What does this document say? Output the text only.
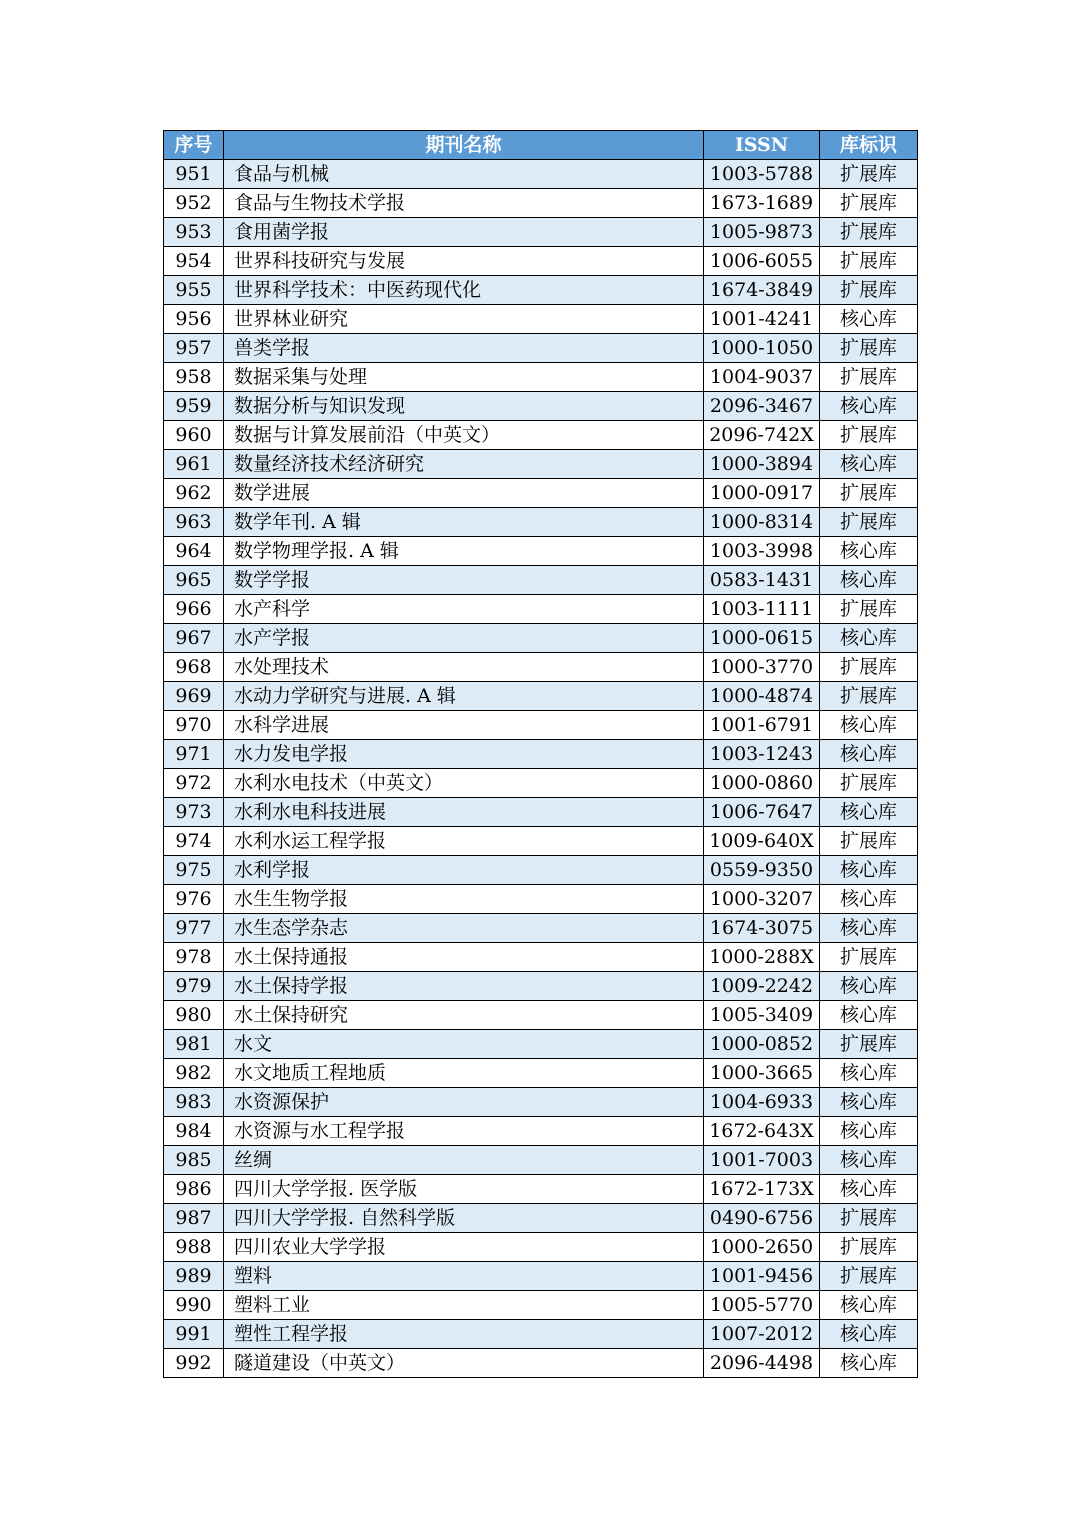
序号	期刊名称	ISSN	库标识
951	食品与机械	1003-5788	扩展库
952	食品与生物技术学报	1673-1689	扩展库
953	食用菌学报	1005-9873	扩展库
954	世界科技研究与发展	1006-6055	扩展库
955	世界科学技术：中医药现代化	1674-3849	扩展库
956	世界林业研究	1001-4241	核心库
957	兽类学报	1000-1050	扩展库
958	数据采集与处理	1004-9037	扩展库
959	数据分析与知识发现	2096-3467	核心库
960	数据与计算发展前沿（中英文）	2096-742X	扩展库
961	数量经济技术经济研究	1000-3894	核心库
962	数学进展	1000-0917	扩展库
963	数学年刊. A 辑	1000-8314	扩展库
964	数学物理学报. A 辑	1003-3998	核心库
965	数学学报	0583-1431	核心库
966	水产科学	1003-1111	扩展库
967	水产学报	1000-0615	核心库
968	水处理技术	1000-3770	扩展库
969	水动力学研究与进展. A 辑	1000-4874	扩展库
970	水科学进展	1001-6791	核心库
971	水力发电学报	1003-1243	核心库
972	水利水电技术（中英文）	1000-0860	扩展库
973	水利水电科技进展	1006-7647	核心库
974	水利水运工程学报	1009-640X	扩展库
975	水利学报	0559-9350	核心库
976	水生生物学报	1000-3207	核心库
977	水生态学杂志	1674-3075	核心库
978	水土保持通报	1000-288X	扩展库
979	水土保持学报	1009-2242	核心库
980	水土保持研究	1005-3409	核心库
981	水文	1000-0852	扩展库
982	水文地质工程地质	1000-3665	核心库
983	水资源保护	1004-6933	核心库
984	水资源与水工程学报	1672-643X	核心库
985	丝绸	1001-7003	核心库
986	四川大学学报. 医学版	1672-173X	核心库
987	四川大学学报. 自然科学版	0490-6756	扩展库
988	四川农业大学学报	1000-2650	扩展库
989	塑料	1001-9456	扩展库
990	塑料工业	1005-5770	核心库
991	塑性工程学报	1007-2012	核心库
992	隧道建设（中英文）	2096-4498	核心库
